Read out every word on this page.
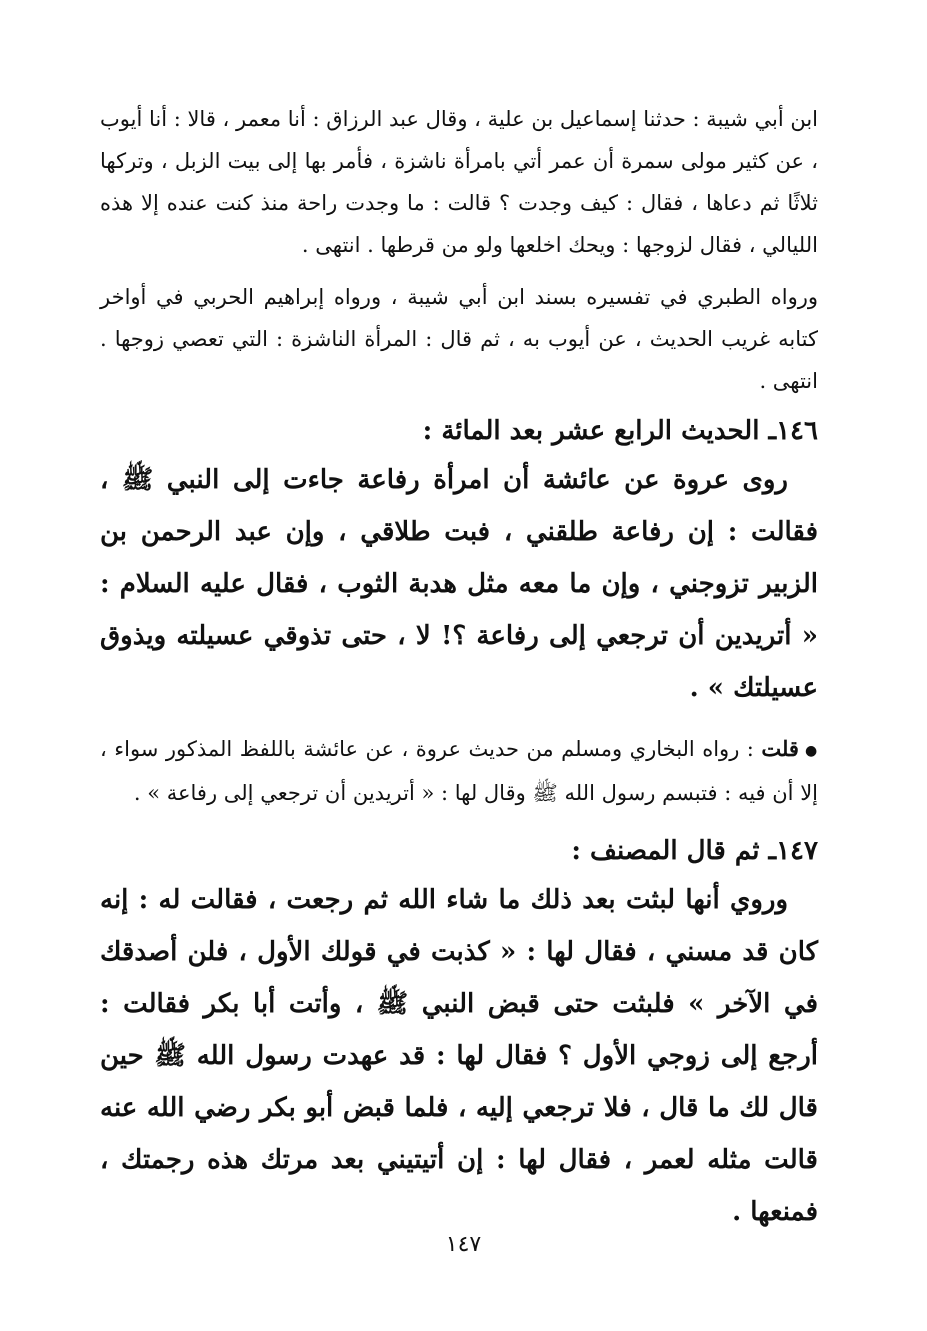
ابن أبي شيبة : حدثنا إسماعيل بن علية ، وقال عبد الرزاق : أنا معمر ، قالا : أنا أيوب ، عن كثير مولى سمرة أن عمر أتي بامرأة ناشزة ، فأمر بها إلى بيت الزبل ، وتركها ثلاثًا ثم دعاها ، فقال : كيف وجدت ؟ قالت : ما وجدت راحة منذ كنت عنده إلا هذه الليالي ، فقال لزوجها : ويحك اخلعها ولو من قرطها . انتهى .

ورواه الطبري في تفسيره بسند ابن أبي شيبة ، ورواه إبراهيم الحربي في أواخر كتابه غريب الحديث ، عن أيوب به ، ثم قال : المرأة الناشزة : التي تعصي زوجها . انتهى .

١٤٦ـ الحديث الرابع عشر بعد المائة :

روى عروة عن عائشة أن امرأة رفاعة جاءت إلى النبي ﷺ ، فقالت : إن رفاعة طلقني ، فبت طلاقي ، وإن عبد الرحمن بن الزبير تزوجني ، وإن ما معه مثل هدبة الثوب ، فقال عليه السلام : « أتريدين أن ترجعي إلى رفاعة ؟! لا ، حتى تذوقي عسيلته ويذوق عسيلتك » .

●قلت : رواه البخاري ومسلم من حديث عروة ، عن عائشة باللفظ المذكور سواء ، إلا أن فيه : فتبسم رسول الله ﷺ وقال لها : « أتريدين أن ترجعي إلى رفاعة » .

١٤٧ـ ثم قال المصنف :

وروي أنها لبثت بعد ذلك ما شاء الله ثم رجعت ، فقالت له : إنه كان قد مسني ، فقال لها : « كذبت في قولك الأول ، فلن أصدقك في الآخر » فلبثت حتى قبض النبي ﷺ ، وأتت أبا بكر فقالت : أرجع إلى زوجي الأول ؟ فقال لها : قد عهدت رسول الله ﷺ حين قال لك ما قال ، فلا ترجعي إليه ، فلما قبض أبو بكر رضي الله عنه قالت مثله لعمر ، فقال لها : إن أتيتيني بعد مرتك هذه رجمتك ، فمنعها .

١٤٧
